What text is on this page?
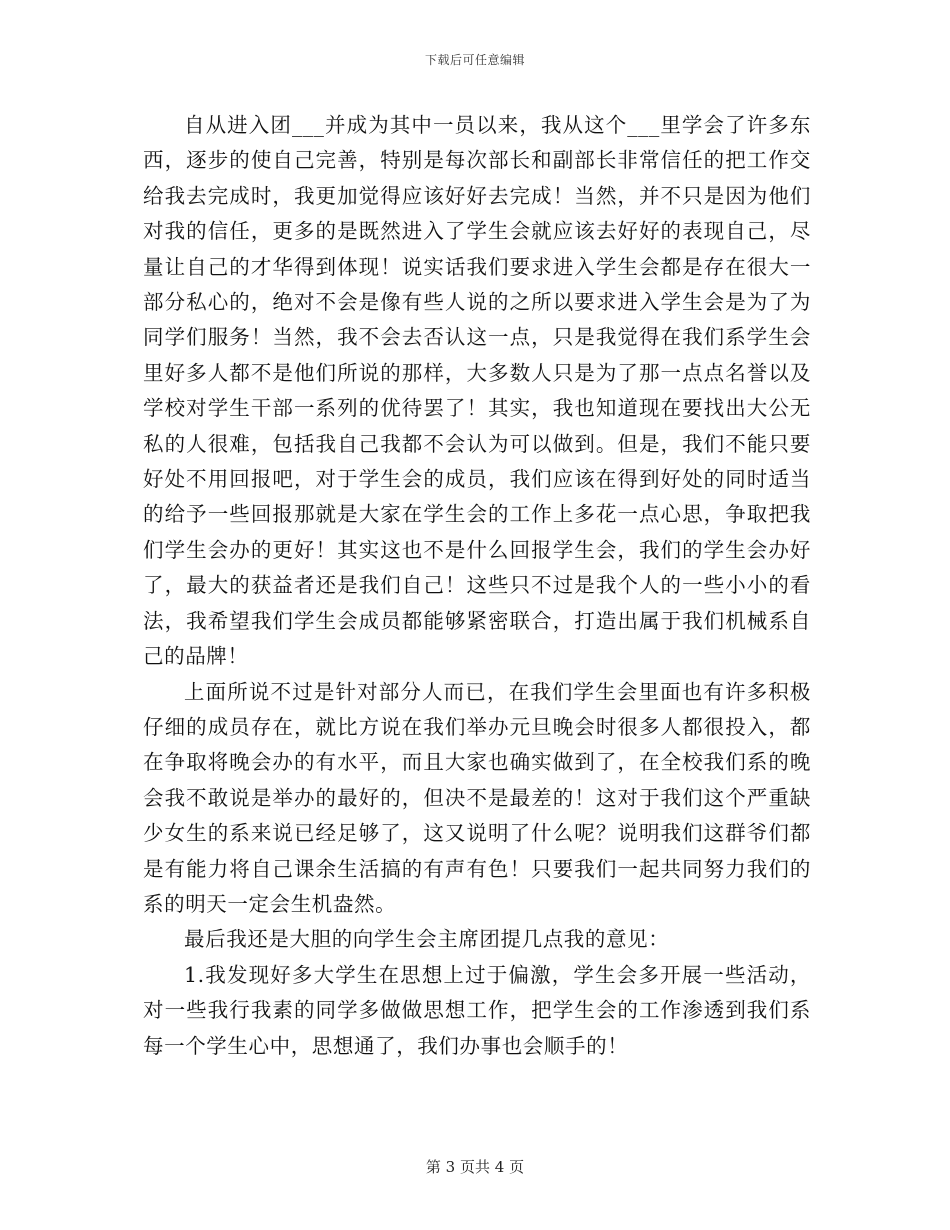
下载后可任意编辑

自从进入团___并成为其中一员以来，我从这个___里学会了许多东西，逐步的使自己完善，特别是每次部长和副部长非常信任的把工作交给我去完成时，我更加觉得应该好好去完成！当然，并不只是因为他们对我的信任，更多的是既然进入了学生会就应该去好好的表现自己，尽量让自己的才华得到体现！说实话我们要求进入学生会都是存在很大一部分私心的，绝对不会是像有些人说的之所以要求进入学生会是为了为同学们服务！当然，我不会去否认这一点，只是我觉得在我们系学生会里好多人都不是他们所说的那样，大多数人只是为了那一点点名誉以及学校对学生干部一系列的优待罢了！其实，我也知道现在要找出大公无私的人很难，包括我自己我都不会认为可以做到。但是，我们不能只要好处不用回报吧，对于学生会的成员，我们应该在得到好处的同时适当的给予一些回报那就是大家在学生会的工作上多花一点心思，争取把我们学生会办的更好！其实这也不是什么回报学生会，我们的学生会办好了，最大的获益者还是我们自己！这些只不过是我个人的一些小小的看法，我希望我们学生会成员都能够紧密联合，打造出属于我们机械系自己的品牌！

上面所说不过是针对部分人而已，在我们学生会里面也有许多积极仔细的成员存在，就比方说在我们举办元旦晚会时很多人都很投入，都在争取将晚会办的有水平，而且大家也确实做到了，在全校我们系的晚会我不敢说是举办的最好的，但决不是最差的！这对于我们这个严重缺少女生的系来说已经足够了，这又说明了什么呢？说明我们这群爷们都是有能力将自己课余生活搞的有声有色！只要我们一起共同努力我们的系的明天一定会生机盎然。

最后我还是大胆的向学生会主席团提几点我的意见：

1.我发现好多大学生在思想上过于偏激，学生会多开展一些活动，对一些我行我素的同学多做做思想工作，把学生会的工作渗透到我们系每一个学生心中，思想通了，我们办事也会顺手的！

第 3 页共 4 页
